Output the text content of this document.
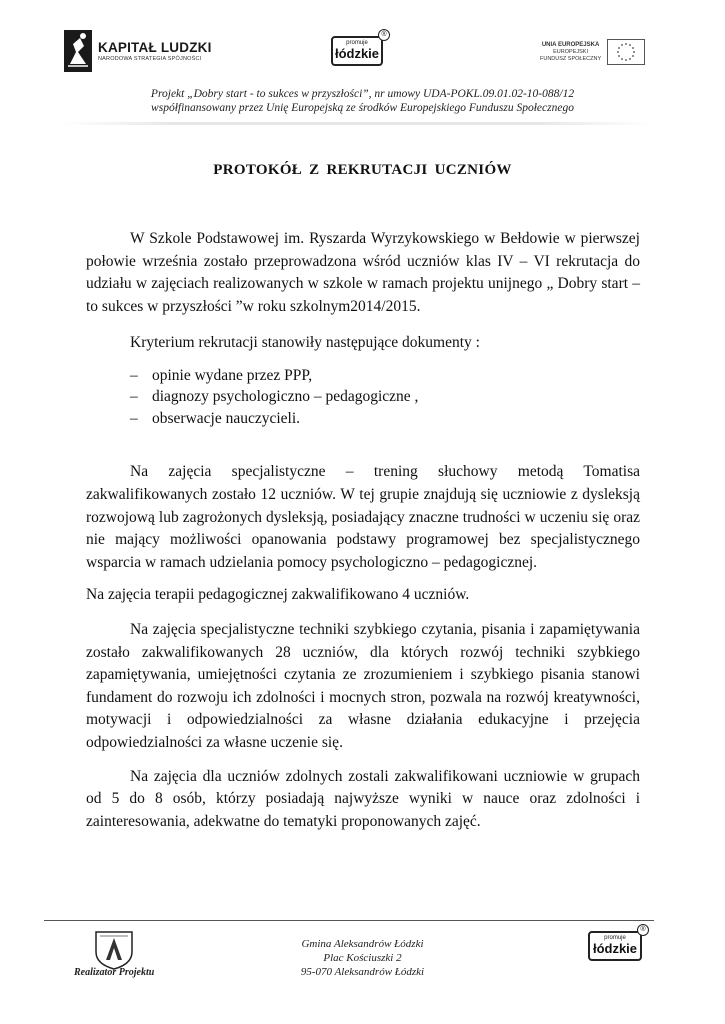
KAPITAŁ LUDZKI
NARODOWA STRATEGIA SPÓJNOŚCI
promuje
łódzkie
®
UNIA EUROPEJSKA
EUROPEJSKI
FUNDUSZ SPOŁECZNY
Projekt „Dobry start - to sukces w przyszłości”, nr umowy UDA-POKL.09.01.02-10-088/12
współfinansowany przez Unię Europejską ze środków Europejskiego Funduszu Społecznego
PROTOKÓŁ Z REKRUTACJI UCZNIÓW

W Szkole Podstawowej im. Ryszarda Wyrzykowskiego w Bełdowie w pierwszej połowie września zostało przeprowadzona wśród uczniów klas IV – VI rekrutacja do udziału w zajęciach realizowanych w szkole w ramach projektu unijnego „ Dobry start – to sukces w przyszłości ”w roku szkolnym2014/2015.

Kryterium rekrutacji stanowiły następujące dokumenty :

– opinie wydane przez PPP,
– diagnozy psychologiczno – pedagogiczne ,
– obserwacje nauczycieli.

Na zajęcia specjalistyczne – trening słuchowy metodą Tomatisa zakwalifikowanych zostało 12 uczniów. W tej grupie znajdują się uczniowie z dysleksją rozwojową lub zagrożonych dysleksją, posiadający znaczne trudności w uczeniu się oraz nie mający możliwości opanowania podstawy programowej bez specjalistycznego wsparcia w ramach udzielania pomocy psychologiczno – pedagogicznej.

Na zajęcia terapii pedagogicznej zakwalifikowano 4 uczniów.

Na zajęcia specjalistyczne techniki szybkiego czytania, pisania i zapamiętywania zostało zakwalifikowanych 28 uczniów, dla których rozwój techniki szybkiego zapamiętywania, umiejętności czytania ze zrozumieniem i szybkiego pisania stanowi fundament do rozwoju ich zdolności i mocnych stron, pozwala na rozwój kreatywności, motywacji i odpowiedzialności za własne działania edukacyjne i przejęcia odpowiedzialności za własne uczenie się.

Na zajęcia dla uczniów zdolnych zostali zakwalifikowani uczniowie w grupach od 5 do 8 osób, którzy posiadają najwyższe wyniki w nauce oraz zdolności i zainteresowania, adekwatne do tematyki proponowanych zajęć.

Realizator Projektu
Gmina Aleksandrów Łódzki
Plac Kościuszki 2
95-070 Aleksandrów Łódzki
promuje
łódzkie
®
